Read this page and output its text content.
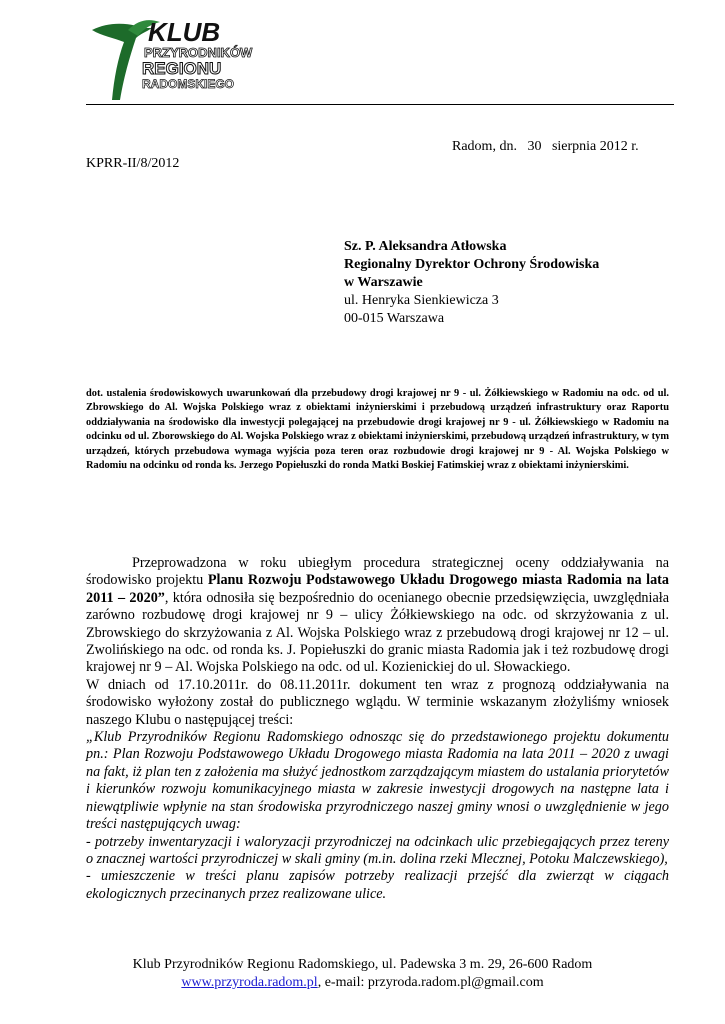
KLUB
PRZYRODNIKÓW
REGIONU
RADOMSKIEGO
Radom, dn.   30   sierpnia 2012 r.
KPRR-II/8/2012
Sz. P. Aleksandra Atłowska
Regionalny Dyrektor Ochrony Środowiska
w Warszawie
ul. Henryka Sienkiewicza 3
00-015 Warszawa

dot. ustalenia środowiskowych uwarunkowań dla przebudowy drogi krajowej nr 9 - ul. Żółkiewskiego w Radomiu na odc. od ul. Zbrowskiego do Al. Wojska Polskiego wraz z obiektami inżynierskimi i przebudową urządzeń infrastruktury oraz Raportu oddziaływania na środowisko dla inwestycji polegającej na przebudowie drogi krajowej nr 9 - ul. Żółkiewskiego w Radomiu na odcinku od ul. Zborowskiego do Al. Wojska Polskiego wraz z obiektami inżynierskimi, przebudową urządzeń infrastruktury, w tym urządzeń, których przebudowa wymaga wyjścia poza teren oraz rozbudowie drogi krajowej nr 9 - Al. Wojska Polskiego w Radomiu na odcinku od ronda ks. Jerzego Popiełuszki do ronda Matki Boskiej Fatimskiej wraz z obiektami inżynierskimi.

Przeprowadzona w roku ubiegłym procedura strategicznej oceny oddziaływania na środowisko projektu Planu Rozwoju Podstawowego Układu Drogowego miasta Radomia na lata 2011 – 2020”, która odnosiła się bezpośrednio do ocenianego obecnie przedsięwzięcia, uwzględniała zarówno rozbudowę drogi krajowej nr 9 – ulicy Żółkiewskiego na odc. od skrzyżowania z ul. Zbrowskiego do skrzyżowania z Al. Wojska Polskiego wraz z przebudową drogi krajowej nr 12 – ul. Zwolińskiego na odc. od ronda ks. J. Popiełuszki do granic miasta Radomia jak i też rozbudowę drogi krajowej nr 9 – Al. Wojska Polskiego na odc. od ul. Kozienickiej do ul. Słowackiego.

W dniach od 17.10.2011r. do 08.11.2011r. dokument ten wraz z prognozą oddziaływania na środowisko wyłożony został do publicznego wglądu. W terminie wskazanym złożyliśmy wniosek naszego Klubu o następującej treści:

„Klub Przyrodników Regionu Radomskiego odnosząc się do przedstawionego projektu dokumentu pn.: Plan Rozwoju Podstawowego Układu Drogowego miasta Radomia na lata 2011 – 2020 z uwagi na fakt, iż plan ten z założenia ma służyć jednostkom zarządzającym miastem do ustalania priorytetów i kierunków rozwoju komunikacyjnego miasta w zakresie inwestycji drogowych na następne lata i niewątpliwie wpłynie na stan środowiska przyrodniczego naszej gminy wnosi o uwzględnienie w jego treści następujących uwag:

- potrzeby inwentaryzacji i waloryzacji przyrodniczej na odcinkach ulic przebiegających przez tereny o znacznej wartości przyrodniczej w skali gminy (m.in. dolina rzeki Mlecznej, Potoku Malczewskiego),

- umieszczenie w treści planu zapisów potrzeby realizacji przejść dla zwierząt w ciągach ekologicznych przecinanych przez realizowane ulice.

Klub Przyrodników Regionu Radomskiego, ul. Padewska 3 m. 29, 26-600 Radom
www.przyroda.radom.pl, e-mail: przyroda.radom.pl@gmail.com
